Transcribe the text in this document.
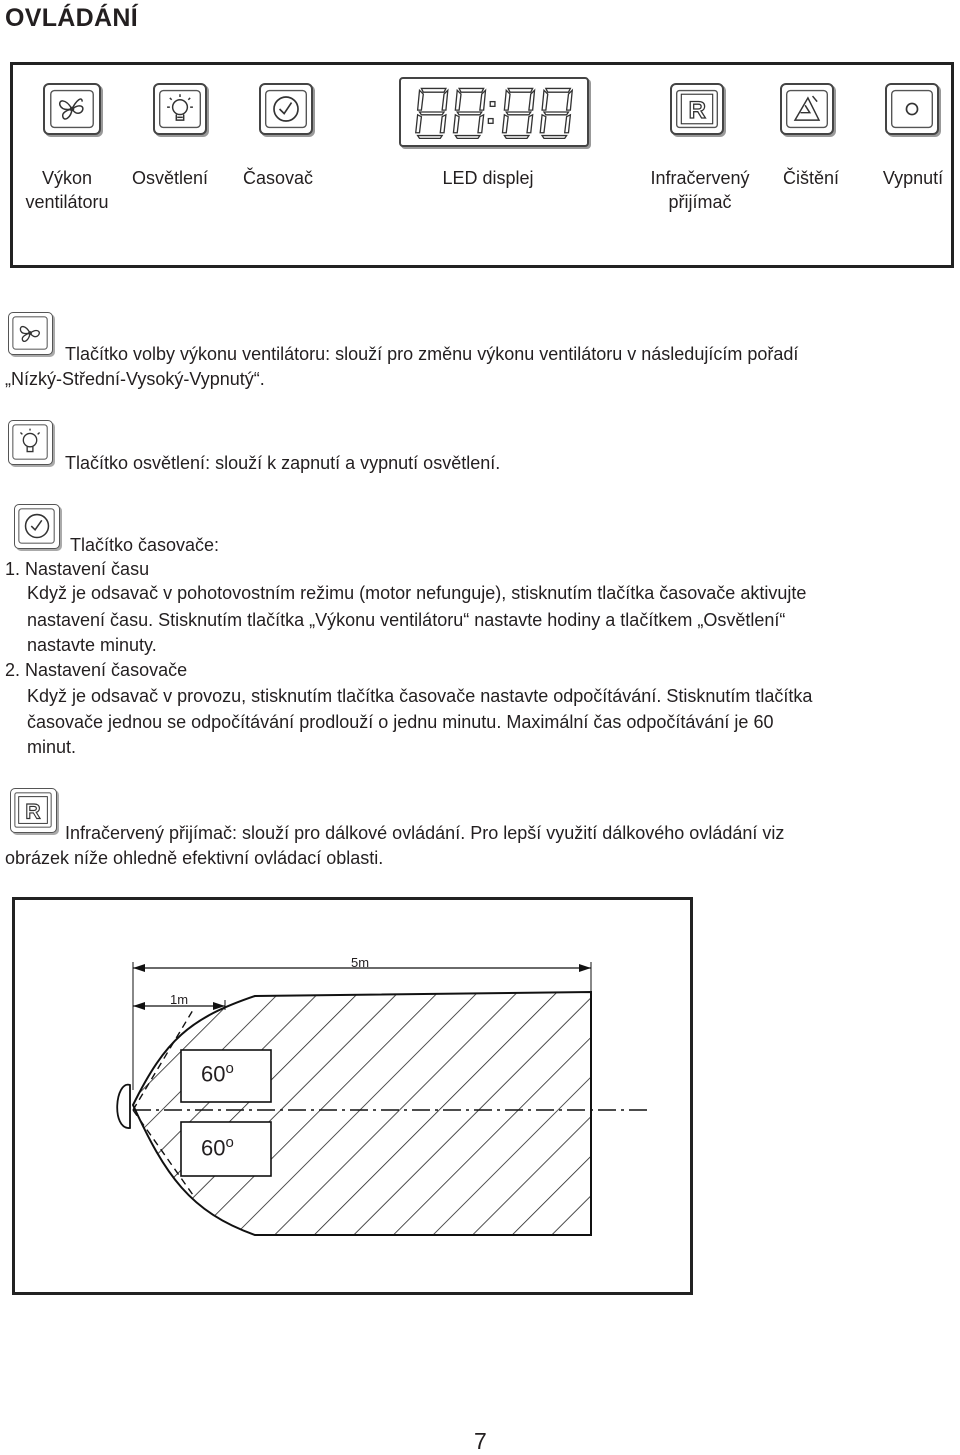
OVLÁDÁNÍ
R
Výkon
ventilátoru
Osvětlení	Časovač	LED displej	Infračervený
přijímač
Čištění	Vypnutí
Tlačítko volby výkonu ventilátoru: slouží pro změnu výkonu ventilátoru v následujícím pořadí
„Nízký-Střední-Vysoký-Vypnutý“.
Tlačítko osvětlení: slouží k zapnutí a vypnutí osvětlení.
Tlačítko časovače:
1. Nastavení času
Když je odsavač v pohotovostním režimu (motor nefunguje), stisknutím tlačítka časovače aktivujte
nastavení času. Stisknutím tlačítka „Výkonu ventilátoru“ nastavte hodiny a tlačítkem „Osvětlení“
nastavte minuty.
2. Nastavení časovače
Když je odsavač v provozu, stisknutím tlačítka časovače nastavte odpočítávání. Stisknutím tlačítka
časovače jednou se odpočítávání prodlouží o jednu minutu. Maximální čas odpočítávání je 60
minut.
R
Infračervený přijímač: slouží pro dálkové ovládání. Pro lepší využití dálkového ovládání viz
obrázek níže ohledně efektivní ovládací oblasti.
5m
1m
60$^o$
60$^o$
7
